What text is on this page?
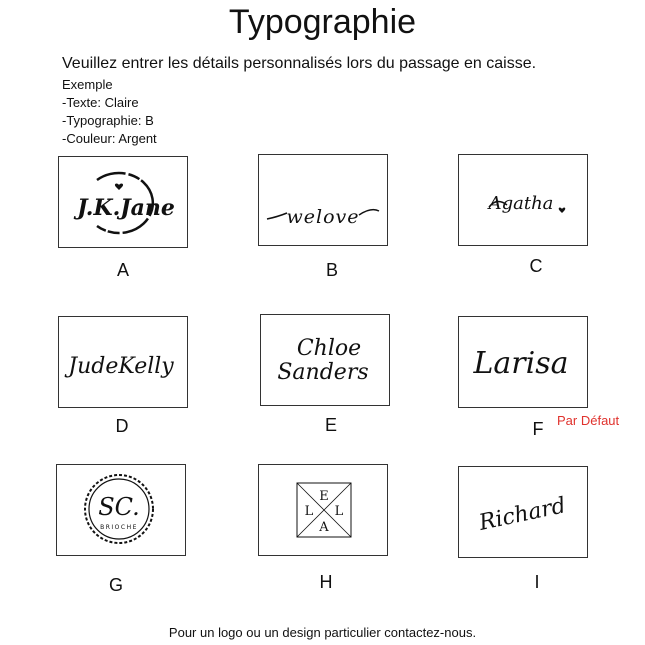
Typographie
Veuillez entrer les détails personnalisés lors du passage en caisse.
Exemple
-Texte: Claire
-Typographie: B
-Couleur: Argent
J.K.Jane
A
welove
B
Agatha
C
JudeKelly
D
Chloe
Sanders
E
Larisa
F	Par Défaut
SC.
BRIOCHE
G
E
L L
A
H
Richard
I
Pour un logo ou un design particulier contactez-nous.
